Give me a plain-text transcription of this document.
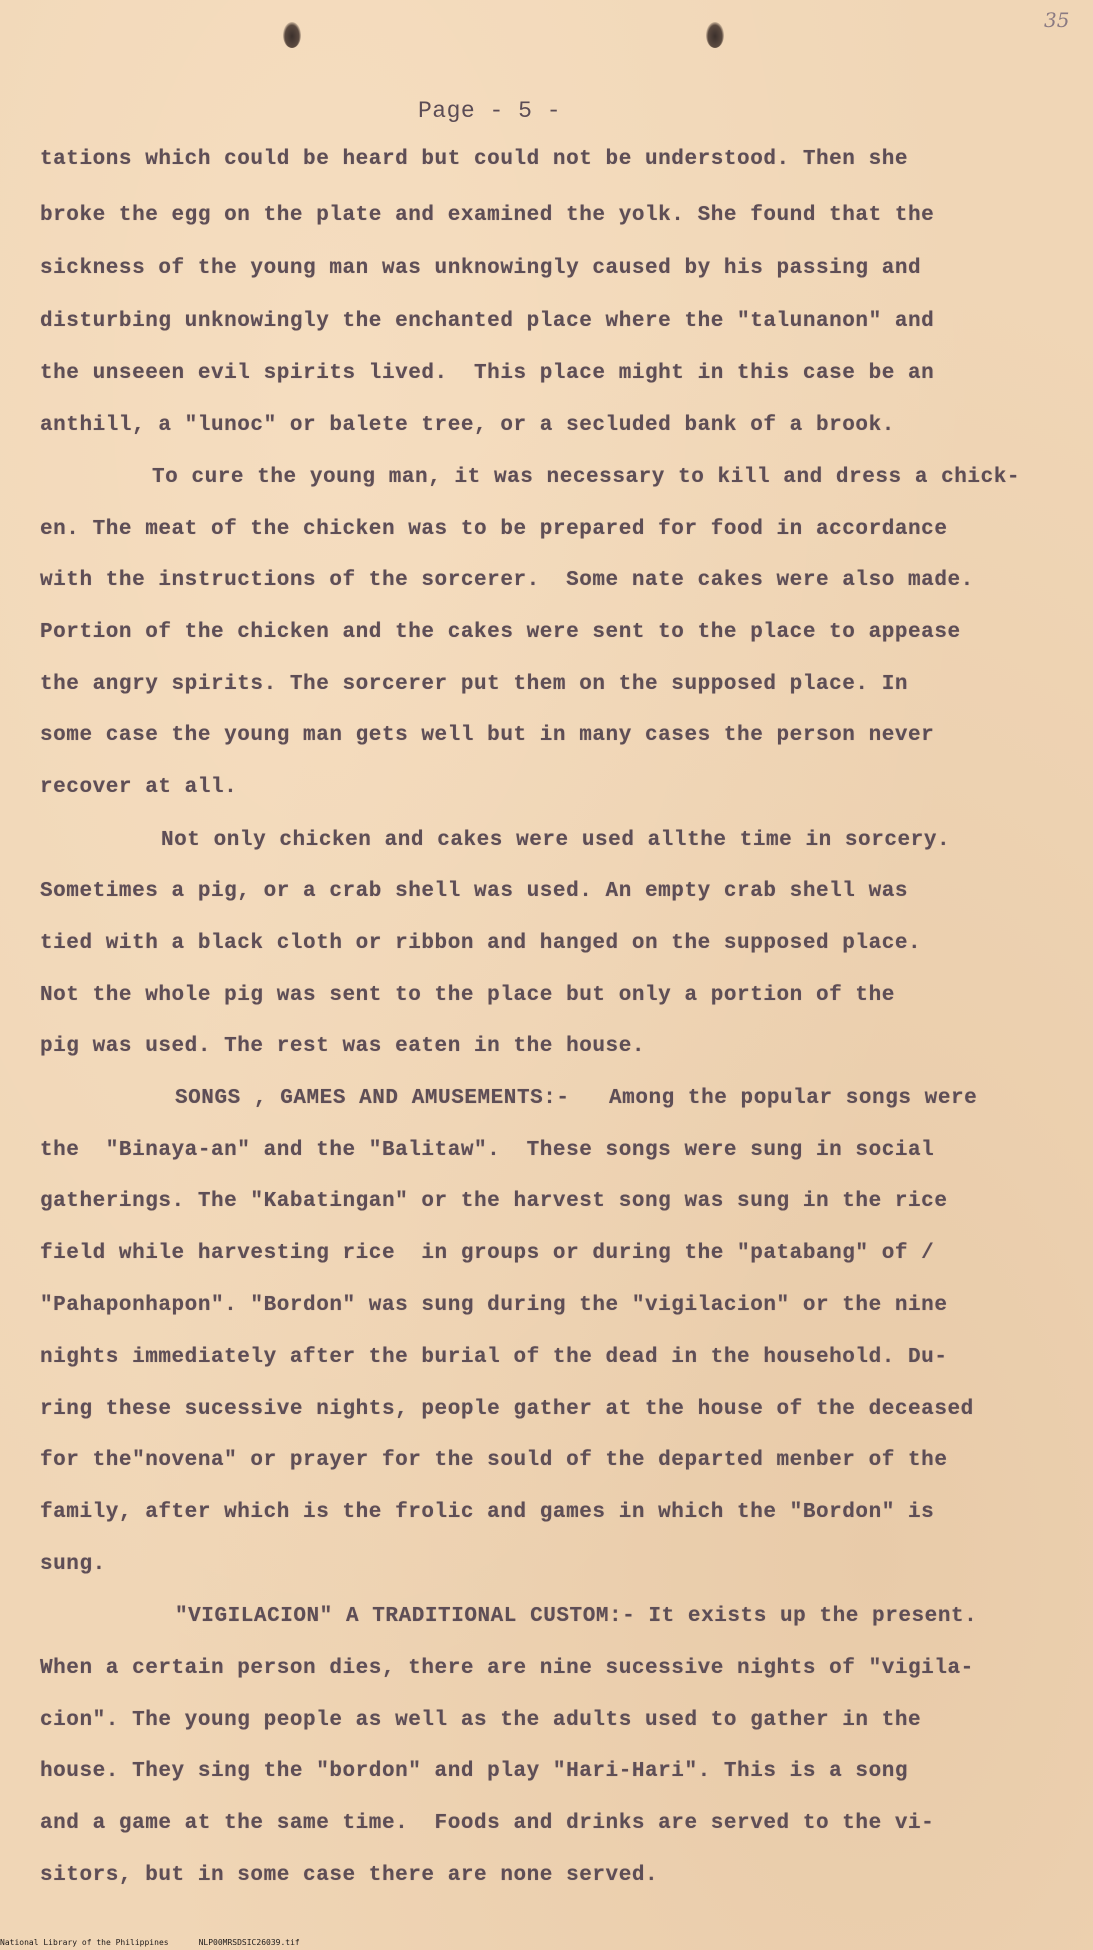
35
Page - 5 -
tations which could be heard but could not be understood. Then she
broke the egg on the plate and examined the yolk. She found that the
sickness of the young man was unknowingly caused by his passing and
disturbing unknowingly the enchanted place where the "talunanon" and
the unseeen evil spirits lived.  This place might in this case be an
anthill, a "lunoc" or balete tree, or a secluded bank of a brook.
To cure the young man, it was necessary to kill and dress a chick-
en. The meat of the chicken was to be prepared for food in accordance
with the instructions of the sorcerer.  Some nate cakes were also made.
Portion of the chicken and the cakes were sent to the place to appease
the angry spirits. The sorcerer put them on the supposed place. In
some case the young man gets well but in many cases the person never
recover at all.
Not only chicken and cakes were used allthe time in sorcery.
Sometimes a pig, or a crab shell was used. An empty crab shell was
tied with a black cloth or ribbon and hanged on the supposed place.
Not the whole pig was sent to the place but only a portion of the
pig was used. The rest was eaten in the house.
SONGS , GAMES AND AMUSEMENTS:-   Among the popular songs were
the  "Binaya-an" and the "Balitaw".  These songs were sung in social
gatherings. The "Kabatingan" or the harvest song was sung in the rice
field while harvesting rice  in groups or during the "patabang" of /
"Pahaponhapon". "Bordon" was sung during the "vigilacion" or the nine
nights immediately after the burial of the dead in the household. Du-
ring these sucessive nights, people gather at the house of the deceased
for the"novena" or prayer for the sould of the departed menber of the
family, after which is the frolic and games in which the "Bordon" is
sung.
"VIGILACION" A TRADITIONAL CUSTOM:- It exists up the present.
When a certain person dies, there are nine sucessive nights of "vigila-
cion". The young people as well as the adults used to gather in the
house. They sing the "bordon" and play "Hari-Hari". This is a song
and a game at the same time.  Foods and drinks are served to the vi-
sitors, but in some case there are none served.
National Library of the Philippines	NLP00MRSDSIC26039.tif
